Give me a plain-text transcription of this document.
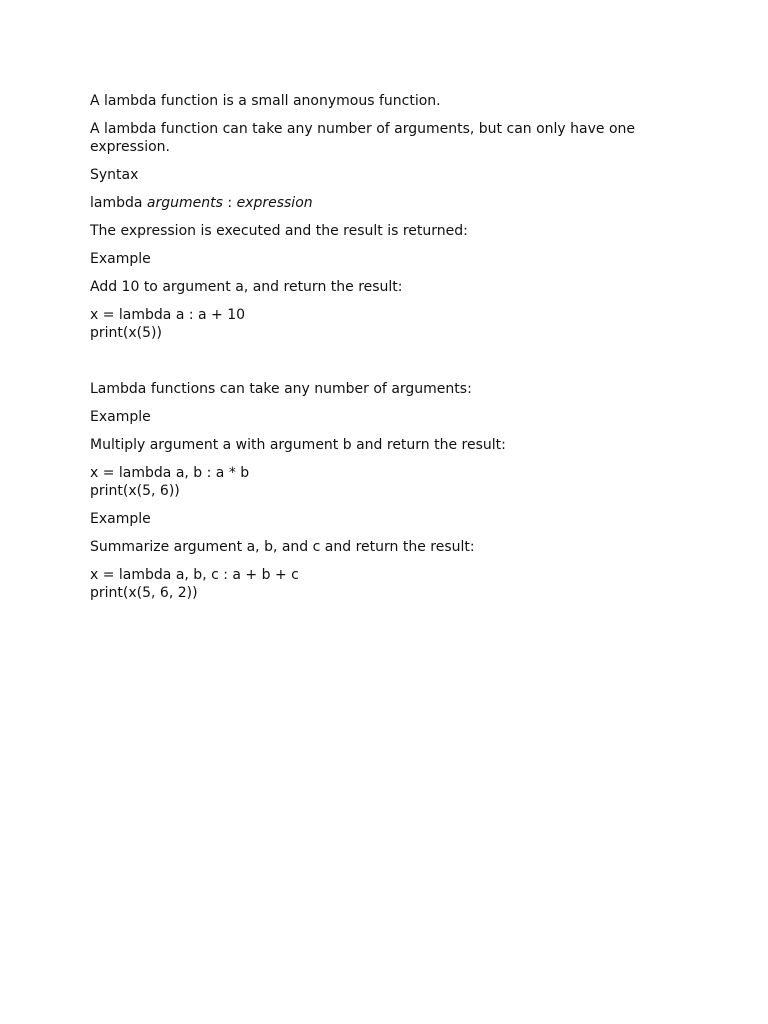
A lambda function is a small anonymous function.

A lambda function can take any number of arguments, but can only have one expression.

Syntax

lambda arguments : expression

The expression is executed and the result is returned:

Example

Add 10 to argument a, and return the result:

x = lambda a : a + 10
print(x(5))

Lambda functions can take any number of arguments:

Example

Multiply argument a with argument b and return the result:

x = lambda a, b : a * b
print(x(5, 6))

Example

Summarize argument a, b, and c and return the result:

x = lambda a, b, c : a + b + c
print(x(5, 6, 2))
